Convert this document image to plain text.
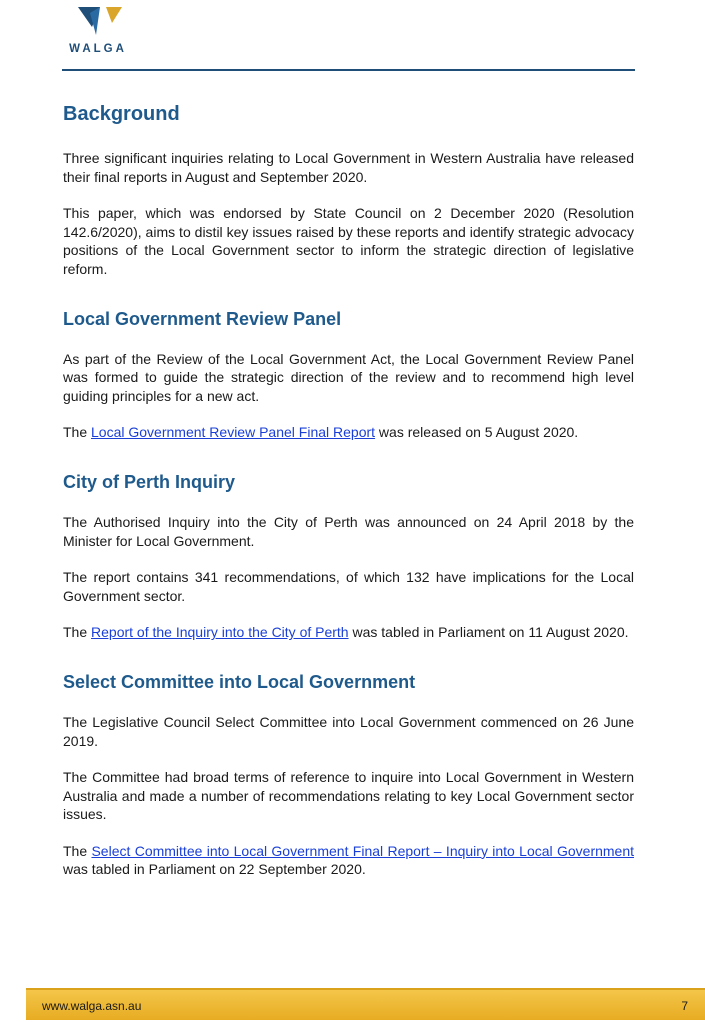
WALGA
Background

Three significant inquiries relating to Local Government in Western Australia have released their final reports in August and September 2020.

This paper, which was endorsed by State Council on 2 December 2020 (Resolution 142.6/2020), aims to distil key issues raised by these reports and identify strategic advocacy positions of the Local Government sector to inform the strategic direction of legislative reform.

Local Government Review Panel

As part of the Review of the Local Government Act, the Local Government Review Panel was formed to guide the strategic direction of the review and to recommend high level guiding principles for a new act.

The Local Government Review Panel Final Report was released on 5 August 2020.

City of Perth Inquiry

The Authorised Inquiry into the City of Perth was announced on 24 April 2018 by the Minister for Local Government.

The report contains 341 recommendations, of which 132 have implications for the Local Government sector.

The Report of the Inquiry into the City of Perth was tabled in Parliament on 11 August 2020.

Select Committee into Local Government

The Legislative Council Select Committee into Local Government commenced on 26 June 2019.

The Committee had broad terms of reference to inquire into Local Government in Western Australia and made a number of recommendations relating to key Local Government sector issues.

The Select Committee into Local Government Final Report – Inquiry into Local Government was tabled in Parliament on 22 September 2020.

www.walga.asn.au	7
